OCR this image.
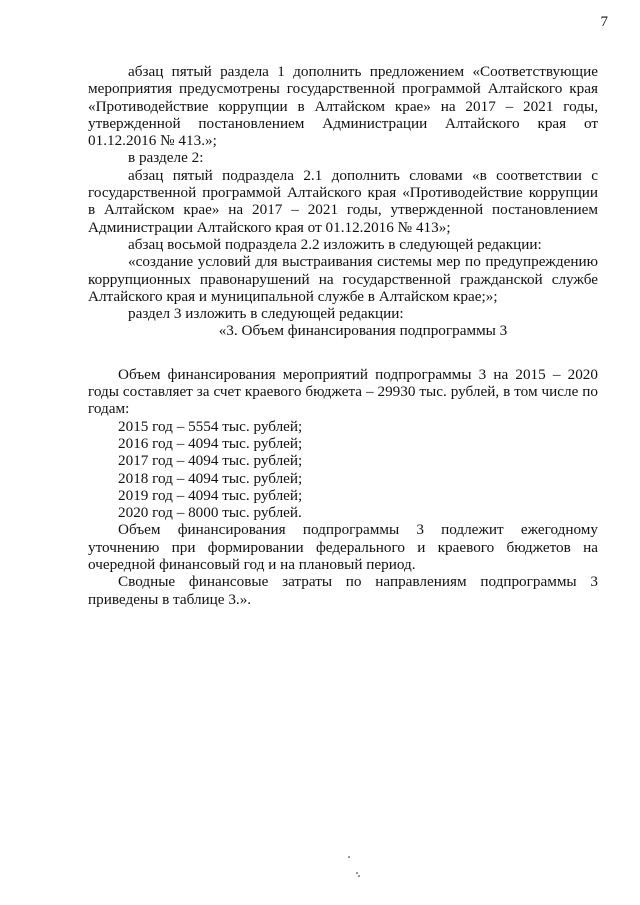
7

абзац пятый раздела 1 дополнить предложением «Соответствующие мероприятия предусмотрены государственной программой Алтайского края «Противодействие коррупции в Алтайском крае» на 2017 – 2021 годы, утвержденной постановлением Администрации Алтайского края от 01.12.2016 № 413.»;

в разделе 2:

абзац пятый подраздела 2.1 дополнить словами «в соответствии с государственной программой Алтайского края «Противодействие коррупции в Алтайском крае» на 2017 – 2021 годы, утвержденной постановлением Администрации Алтайского края от 01.12.2016 № 413»;

абзац восьмой подраздела 2.2 изложить в следующей редакции:

«создание условий для выстраивания системы мер по предупреждению коррупционных правонарушений на государственной гражданской службе Алтайского края и муниципальной службе в Алтайском крае;»;

раздел 3 изложить в следующей редакции:

«3. Объем финансирования подпрограммы 3

Объем финансирования мероприятий подпрограммы 3 на 2015 – 2020 годы составляет за счет краевого бюджета – 29930 тыс. рублей, в том числе по годам:

2015 год – 5554 тыс. рублей;

2016 год – 4094 тыс. рублей;

2017 год – 4094 тыс. рублей;

2018 год – 4094 тыс. рублей;

2019 год – 4094 тыс. рублей;

2020 год – 8000 тыс. рублей.

Объем финансирования подпрограммы 3 подлежит ежегодному уточнению при формировании федерального и краевого бюджетов на очередной финансовый год и на плановый период.

Сводные финансовые затраты по направлениям подпрограммы 3 приведены в таблице 3.».
